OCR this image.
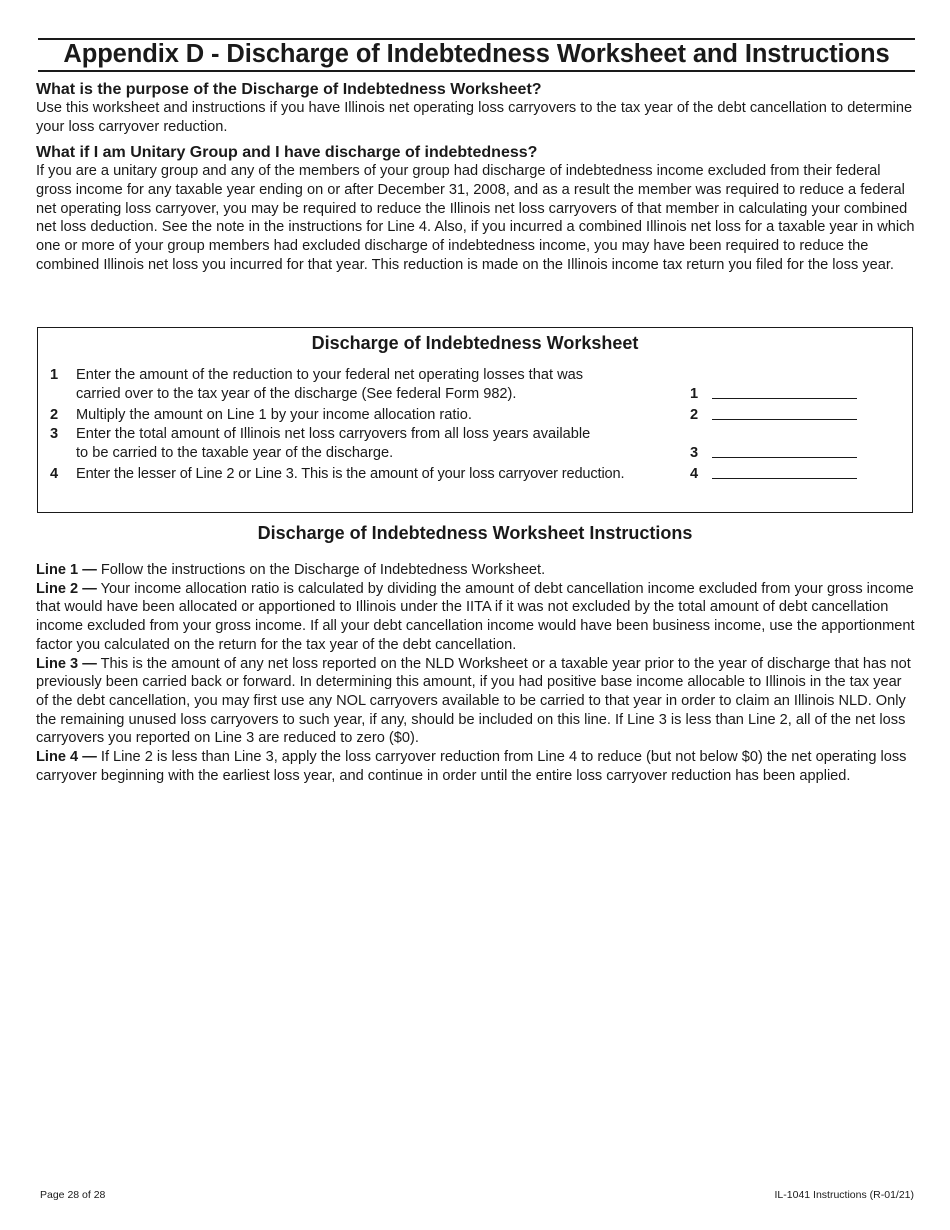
Appendix D - Discharge of Indebtedness Worksheet and Instructions
What is the purpose of the Discharge of Indebtedness Worksheet?
Use this worksheet and instructions if you have Illinois net operating loss carryovers to the tax year of the debt cancellation to determine your loss carryover reduction.
What if I am Unitary Group and I have discharge of indebtedness?
If you are a unitary group and any of the members of your group had discharge of indebtedness income excluded from their federal gross income for any taxable year ending on or after December 31, 2008, and as a result the member was required to reduce a federal net operating loss carryover, you may be required to reduce the Illinois net loss carryovers of that member in calculating your combined net loss deduction. See the note in the instructions for Line 4. Also, if you incurred a combined Illinois net loss for a taxable year in which one or more of your group members had excluded discharge of indebtedness income, you may have been required to reduce the combined Illinois net loss you incurred for that year. This reduction is made on the Illinois income tax return you filed for the loss year.
Discharge of Indebtedness Worksheet
1 Enter the amount of the reduction to your federal net operating losses that was carried over to the tax year of the discharge (See federal Form 982).	1
2 Multiply the amount on Line 1 by your income allocation ratio.	2
3 Enter the total amount of Illinois net loss carryovers from all loss years available to be carried to the taxable year of the discharge.	3
4 Enter the lesser of Line 2 or Line 3. This is the amount of your loss carryover reduction.	4
Discharge of Indebtedness Worksheet Instructions
Line 1 — Follow the instructions on the Discharge of Indebtedness Worksheet.
Line 2 — Your income allocation ratio is calculated by dividing the amount of debt cancellation income excluded from your gross income that would have been allocated or apportioned to Illinois under the IITA if it was not excluded by the total amount of debt cancellation income excluded from your gross income. If all your debt cancellation income would have been business income, use the apportionment factor you calculated on the return for the tax year of the debt cancellation.
Line 3 — This is the amount of any net loss reported on the NLD Worksheet or a taxable year prior to the year of discharge that has not previously been carried back or forward. In determining this amount, if you had positive base income allocable to Illinois in the tax year of the debt cancellation, you may first use any NOL carryovers available to be carried to that year in order to claim an Illinois NLD. Only the remaining unused loss carryovers to such year, if any, should be included on this line. If Line 3 is less than Line 2, all of the net loss carryovers you reported on Line 3 are reduced to zero ($0).
Line 4 — If Line 2 is less than Line 3, apply the loss carryover reduction from Line 4 to reduce (but not below $0) the net operating loss carryover beginning with the earliest loss year, and continue in order until the entire loss carryover reduction has been applied.
Page 28 of 28	IL-1041 Instructions (R-01/21)
